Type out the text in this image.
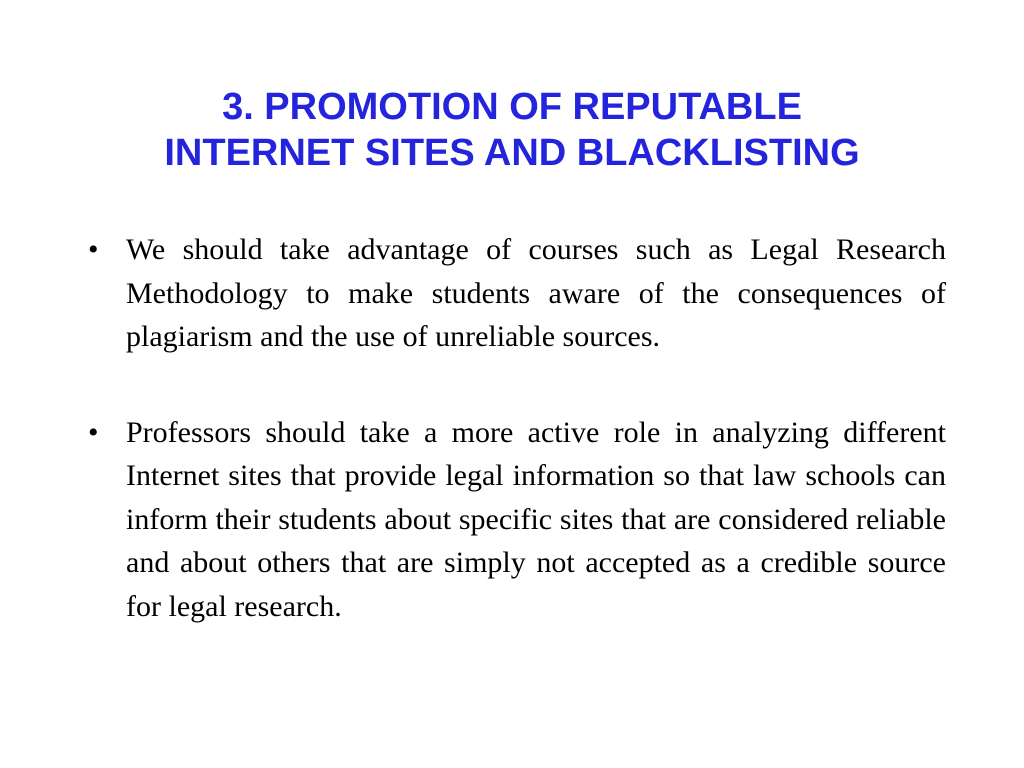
3. PROMOTION OF REPUTABLE
INTERNET SITES AND BLACKLISTING
• We should take advantage of courses such as Legal Research Methodology to make students aware of the consequences of plagiarism and the use of unreliable sources.
• Professors should take a more active role in analyzing different Internet sites that provide legal information so that law schools can inform their students about specific sites that are considered reliable and about others that are simply not accepted as a credible source for legal research.
